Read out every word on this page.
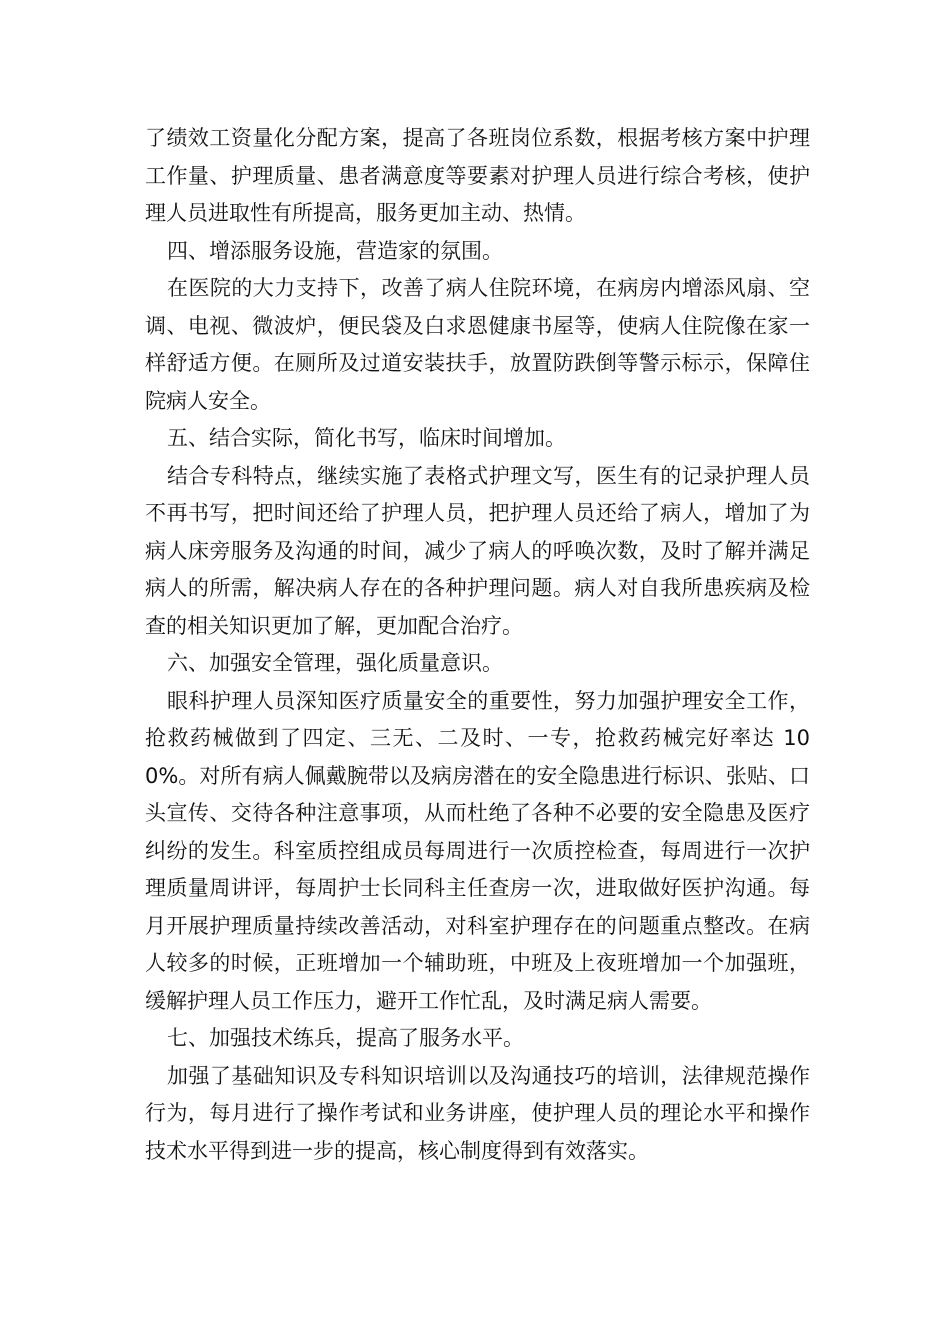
了绩效工资量化分配方案，提高了各班岗位系数，根据考核方案中护理工作量、护理质量、患者满意度等要素对护理人员进行综合考核，使护理人员进取性有所提高，服务更加主动、热情。

四、增添服务设施，营造家的氛围。

在医院的大力支持下，改善了病人住院环境，在病房内增添风扇、空调、电视、微波炉，便民袋及白求恩健康书屋等，使病人住院像在家一样舒适方便。在厕所及过道安装扶手，放置防跌倒等警示标示，保障住院病人安全。

五、结合实际，简化书写，临床时间增加。

结合专科特点，继续实施了表格式护理文写，医生有的记录护理人员不再书写，把时间还给了护理人员，把护理人员还给了病人，增加了为病人床旁服务及沟通的时间，减少了病人的呼唤次数，及时了解并满足病人的所需，解决病人存在的各种护理问题。病人对自我所患疾病及检查的相关知识更加了解，更加配合治疗。

六、加强安全管理，强化质量意识。

眼科护理人员深知医疗质量安全的重要性，努力加强护理安全工作，抢救药械做到了四定、三无、二及时、一专，抢救药械完好率达 100%。对所有病人佩戴腕带以及病房潜在的安全隐患进行标识、张贴、口头宣传、交待各种注意事项，从而杜绝了各种不必要的安全隐患及医疗纠纷的发生。科室质控组成员每周进行一次质控检查，每周进行一次护理质量周讲评，每周护士长同科主任查房一次，进取做好医护沟通。每月开展护理质量持续改善活动，对科室护理存在的问题重点整改。在病人较多的时候，正班增加一个辅助班，中班及上夜班增加一个加强班，缓解护理人员工作压力，避开工作忙乱，及时满足病人需要。

七、加强技术练兵，提高了服务水平。

加强了基础知识及专科知识培训以及沟通技巧的培训，法律规范操作行为，每月进行了操作考试和业务讲座，使护理人员的理论水平和操作技术水平得到进一步的提高，核心制度得到有效落实。
